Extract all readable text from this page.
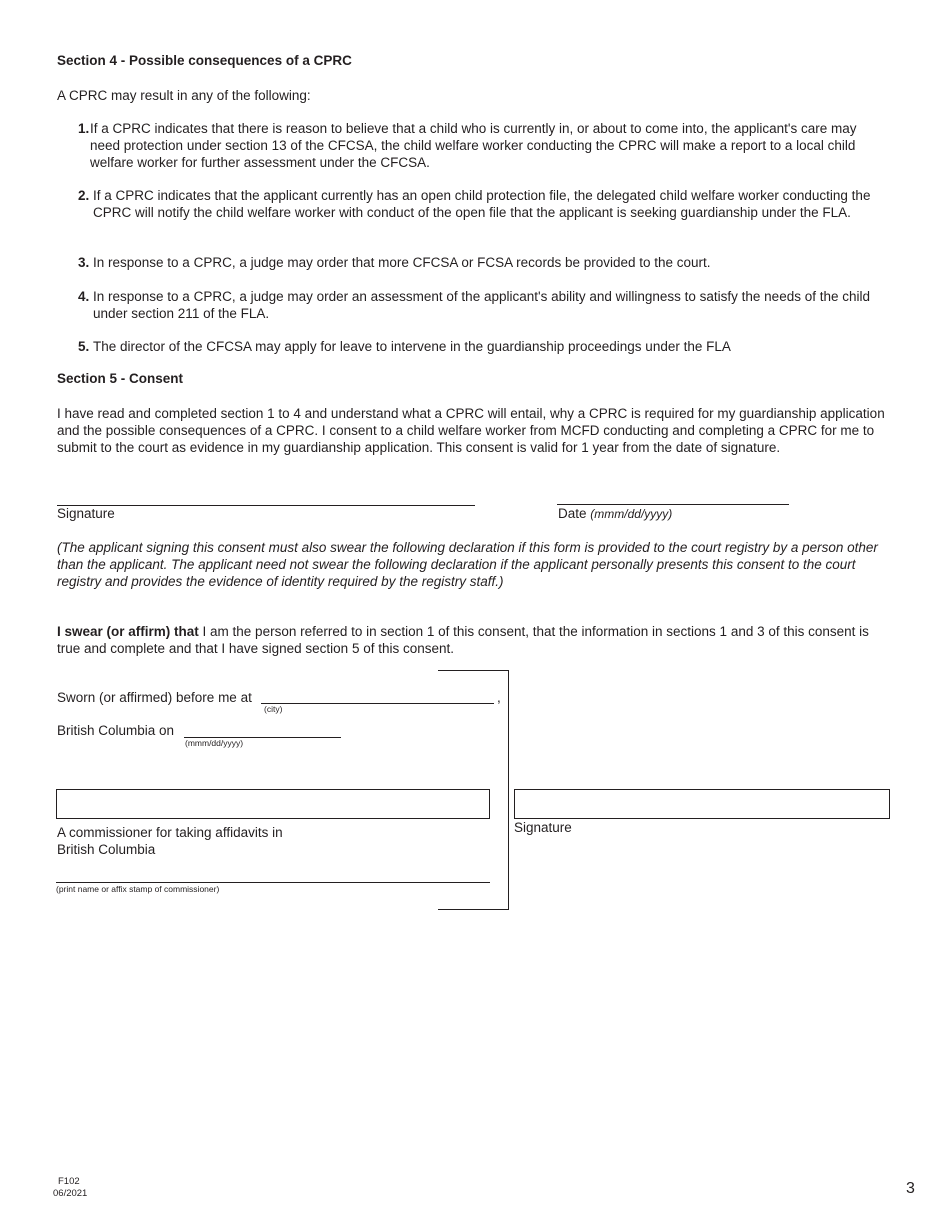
Section 4 - Possible consequences of a CPRC
A CPRC may result in any of the following:
1. If a CPRC indicates that there is reason to believe that a child who is currently in, or about to come into, the applicant's care may need protection under section 13 of the CFCSA, the child welfare worker conducting the CPRC will make a report to a local child welfare worker for further assessment under the CFCSA.
2. If a CPRC indicates that the applicant currently has an open child protection file, the delegated child welfare worker conducting the CPRC will notify the child welfare worker with conduct of the open file that the applicant is seeking guardianship under the FLA.
3. In response to a CPRC, a judge may order that more CFCSA or FCSA records be provided to the court.
4. In response to a CPRC, a judge may order an assessment of the applicant's ability and willingness to satisfy the needs of the child under section 211 of the FLA.
5. The director of the CFCSA may apply for leave to intervene in the guardianship proceedings under the FLA
Section 5 - Consent
I have read and completed section 1 to 4 and understand what a CPRC will entail, why a CPRC is required for my guardianship application and the possible consequences of a CPRC. I consent to a child welfare worker from MCFD conducting and completing a CPRC for me to submit to the court as evidence in my guardianship application. This consent is valid for 1 year from the date of signature.
Signature	Date (mmm/dd/yyyy)
(The applicant signing this consent must also swear the following declaration if this form is provided to the court registry by a person other than the applicant. The applicant need not swear the following declaration if the applicant personally presents this consent to the court registry and provides the evidence of identity required by the registry staff.)
I swear (or affirm) that I am the person referred to in section 1 of this consent, that the information in sections 1 and 3 of this consent is true and complete and that I have signed section 5 of this consent.
Sworn (or affirmed) before me at
(city)
,
British Columbia on
(mmm/dd/yyyy)
A commissioner for taking affidavits in
British Columbia
(print name or affix stamp of commissioner)
Signature
F102
06/2021	3
